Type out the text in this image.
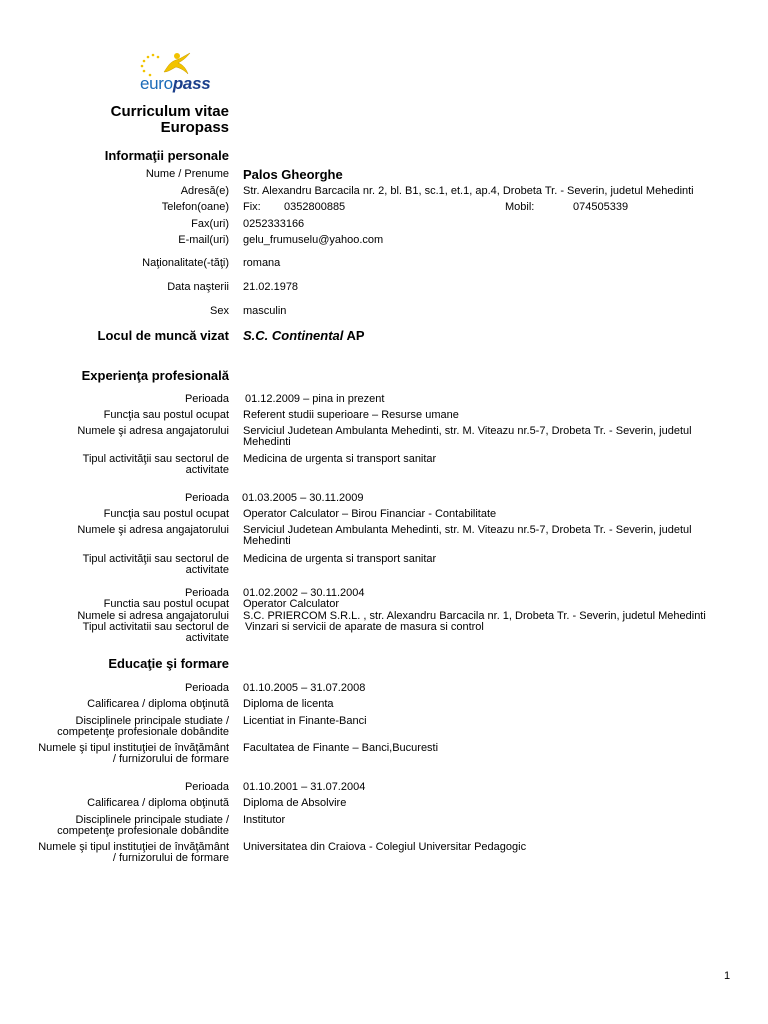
europass
Curriculum vitae
Europass
Informaţii personale
Nume / Prenume Palos Gheorghe
Adresă(e) Str. Alexandru Barcacila nr. 2, bl. B1, sc.1, et.1, ap.4, Drobeta Tr. - Severin, judetul Mehedinti
Telefon(oane) Fix: 0352800885	Mobil:	074505339
Fax(uri) 0252333166
E-mail(uri) gelu_frumuselu@yahoo.com
Naţionalitate(-tăţi) romana
Data naşterii 21.02.1978
Sex masculin
Locul de muncă vizat S.C. Continental AP
Experienţa profesională
Perioada 01.12.2009 – pina in prezent
Funcţia sau postul ocupat Referent studii superioare – Resurse umane
Numele şi adresa angajatorului Serviciul Judetean Ambulanta Mehedinti, str. M. Viteazu nr.5-7, Drobeta Tr. - Severin, judetul
Mehedinti
Tipul activităţii sau sectorul de
activitate
Medicina de urgenta si transport sanitar
Perioada 01.03.2005 – 30.11.2009
Funcţia sau postul ocupat Operator Calculator – Birou Financiar - Contabilitate
Numele şi adresa angajatorului Serviciul Judetean Ambulanta Mehedinti, str. M. Viteazu nr.5-7, Drobeta Tr. - Severin, judetul
Mehedinti
Tipul activităţii sau sectorul de
activitate
Medicina de urgenta si transport sanitar
Perioada 01.02.2002 – 30.11.2004
Functia sau postul ocupat Operator Calculator
Numele si adresa angajatorului S.C. PRIERCOM S.R.L. , str. Alexandru Barcacila nr. 1, Drobeta Tr. - Severin, judetul Mehedinti
Tipul activitatii sau sectorul de
activitate
Vinzari si servicii de aparate de masura si control
Educaţie şi formare
Perioada 01.10.2005 – 31.07.2008
Calificarea / diploma obţinută Diploma de licenta
Disciplinele principale studiate /
competenţe profesionale dobândite
Licentiat in Finante-Banci
Numele şi tipul instituţiei de învăţământ
/ furnizorului de formare
Facultatea de Finante – Banci,Bucuresti
Perioada 01.10.2001 – 31.07.2004
Calificarea / diploma obţinută Diploma de Absolvire
Disciplinele principale studiate /
competenţe profesionale dobândite
Institutor
Numele şi tipul instituţiei de învăţământ
/ furnizorului de formare
Universitatea din Craiova - Colegiul Universitar Pedagogic
1
